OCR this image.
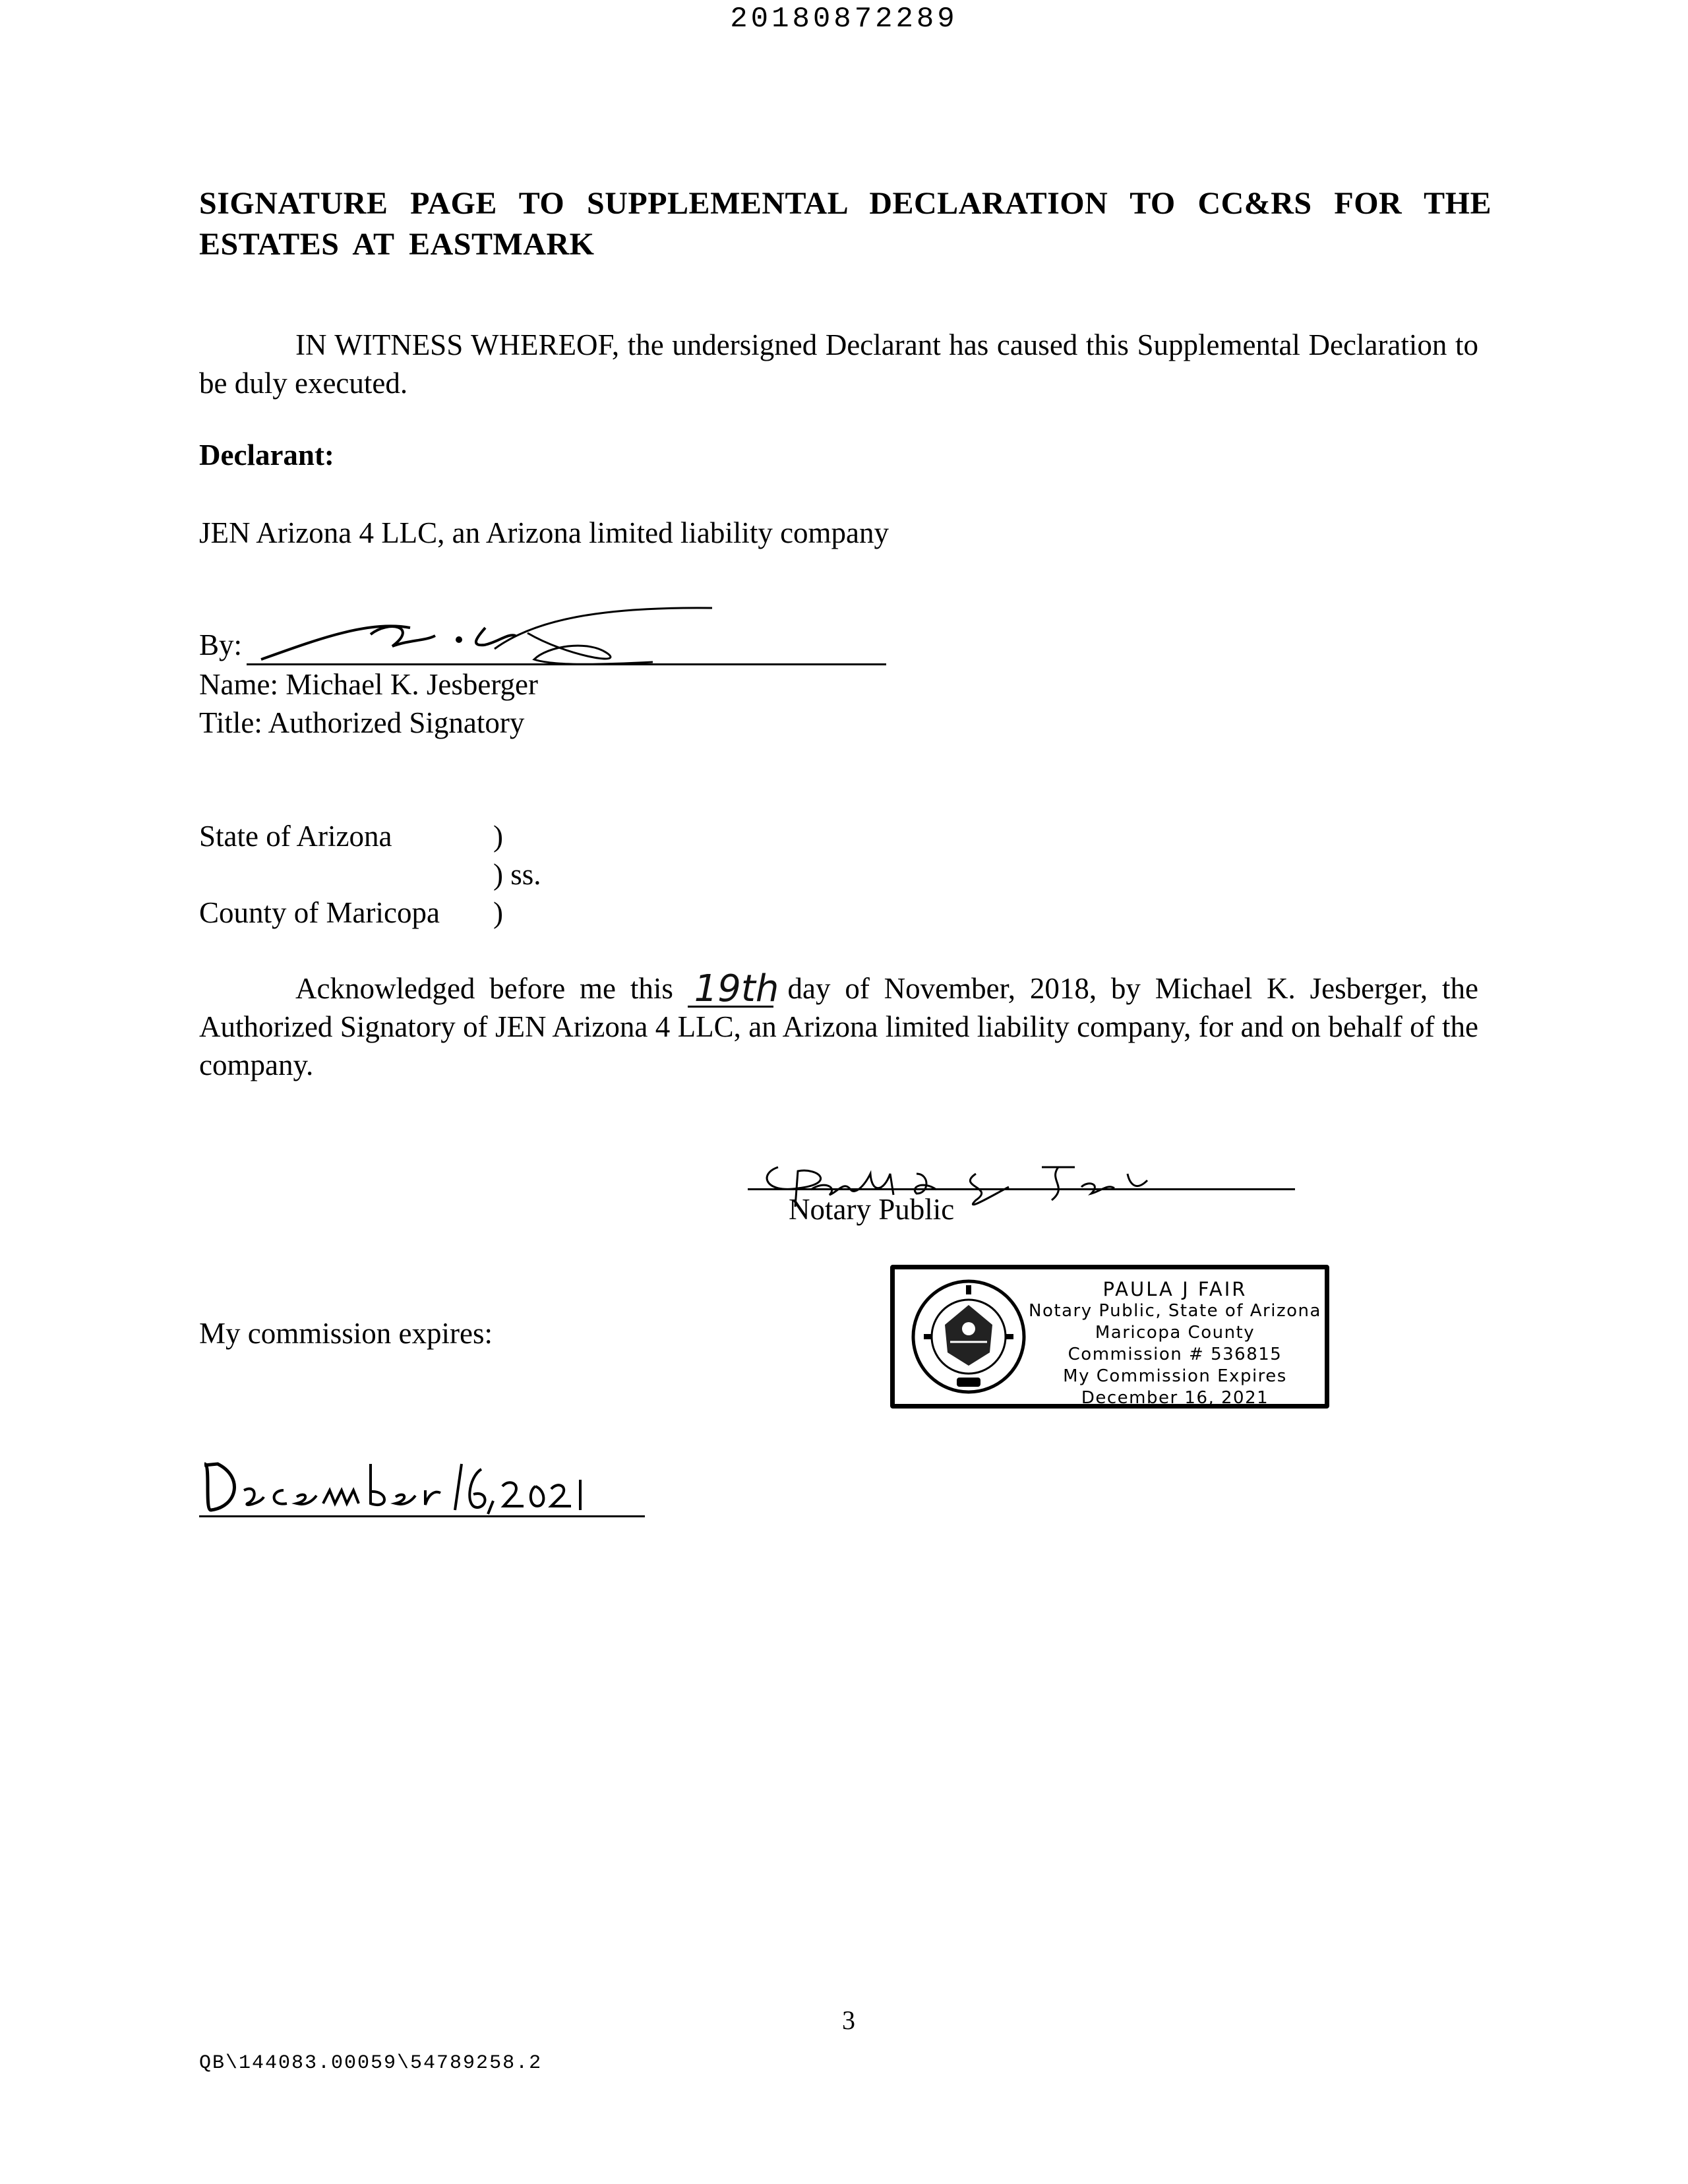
20180872289
SIGNATURE PAGE TO SUPPLEMENTAL DECLARATION TO CC&RS FOR THE ESTATES AT EASTMARK
IN WITNESS WHEREOF, the undersigned Declarant has caused this Supplemental Declaration to be duly executed.
Declarant:
JEN Arizona 4 LLC, an Arizona limited liability company
By:
Name: Michael K. Jesberger
Title: Authorized Signatory
State of Arizona	)
) ss.
County of Maricopa )
Acknowledged before me this 19th
day of November, 2018, by Michael K. Jesberger, the Authorized Signatory of JEN Arizona 4 LLC, an Arizona limited liability company, for and on behalf of the company.
Notary Public
My commission expires:
PAULA J FAIR
Notary Public, State of Arizona
Maricopa County
Commission # 536815
My Commission Expires
December 16, 2021
3
QB\144083.00059\54789258.2
